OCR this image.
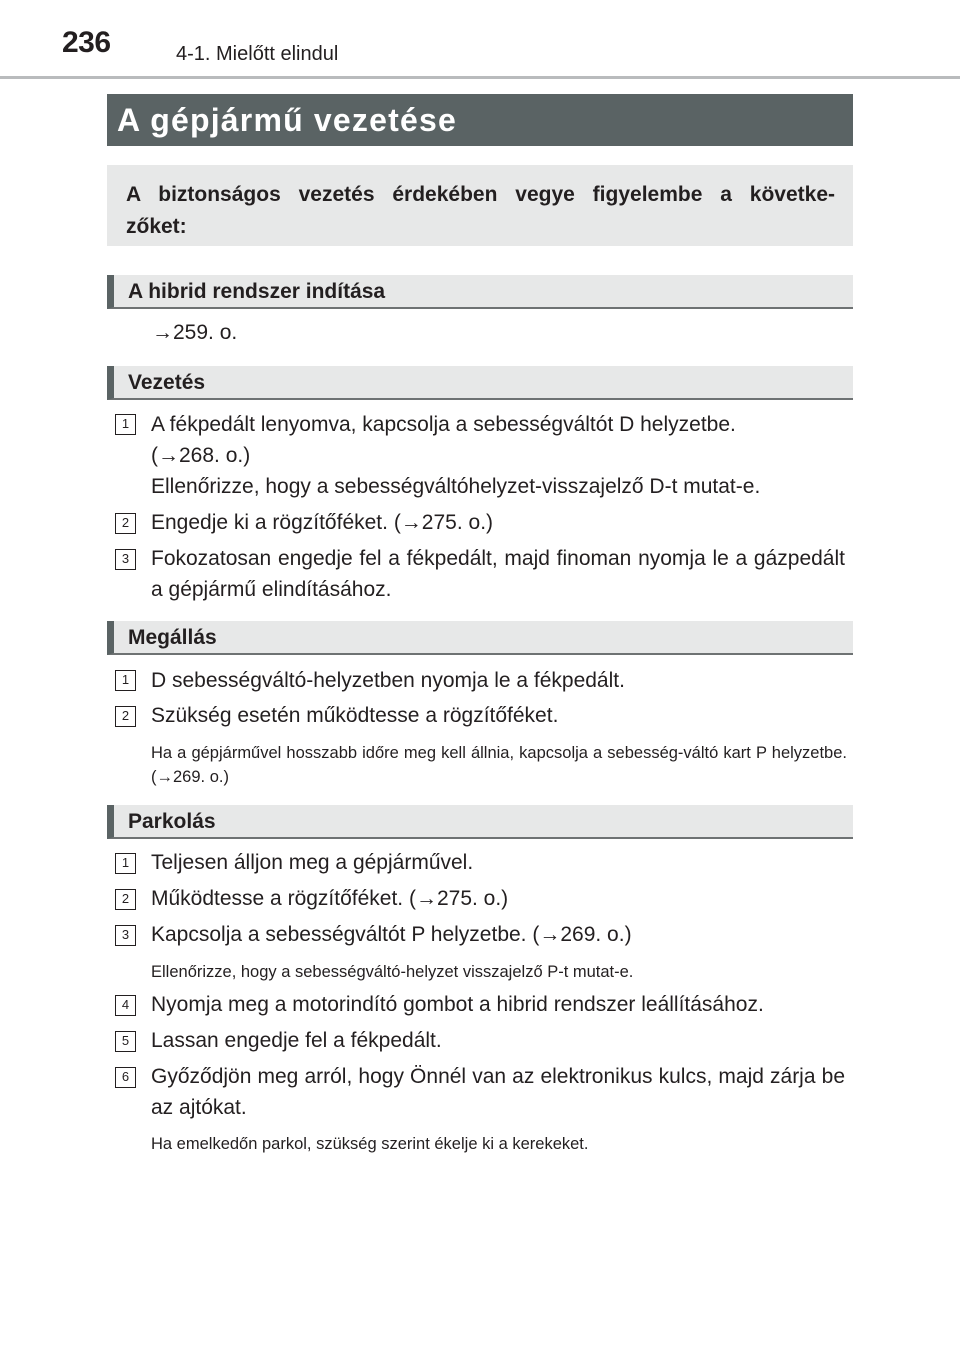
236	4-1. Mielőtt elindul
A gépjármű vezetése
A biztonságos vezetés érdekében vegye figyelembe a követke-zőket:
A hibrid rendszer indítása
→259. o.
Vezetés
1	A fékpedált lenyomva, kapcsolja a sebességváltót D helyzetbe.
(→268. o.)
Ellenőrizze, hogy a sebességváltóhelyzet-visszajelző D-t mutat-e.
2	Engedje ki a rögzítőféket. (→275. o.)
3	Fokozatosan engedje fel a fékpedált, majd finoman nyomja le a gázpedált a gépjármű elindításához.
Megállás
1	D sebességváltó-helyzetben nyomja le a fékpedált.
2	Szükség esetén működtesse a rögzítőféket.
Ha a gépjárművel hosszabb időre meg kell állnia, kapcsolja a sebesség-váltó kart P helyzetbe. (→269. o.)
Parkolás
1	Teljesen álljon meg a gépjárművel.
2	Működtesse a rögzítőféket. (→275. o.)
3	Kapcsolja a sebességváltót P helyzetbe. (→269. o.)
Ellenőrizze, hogy a sebességváltó-helyzet visszajelző P-t mutat-e.
4	Nyomja meg a motorindító gombot a hibrid rendszer leállításához.
5	Lassan engedje fel a fékpedált.
6	Győződjön meg arról, hogy Önnél van az elektronikus kulcs, majd zárja be az ajtókat.
Ha emelkedőn parkol, szükség szerint ékelje ki a kerekeket.
